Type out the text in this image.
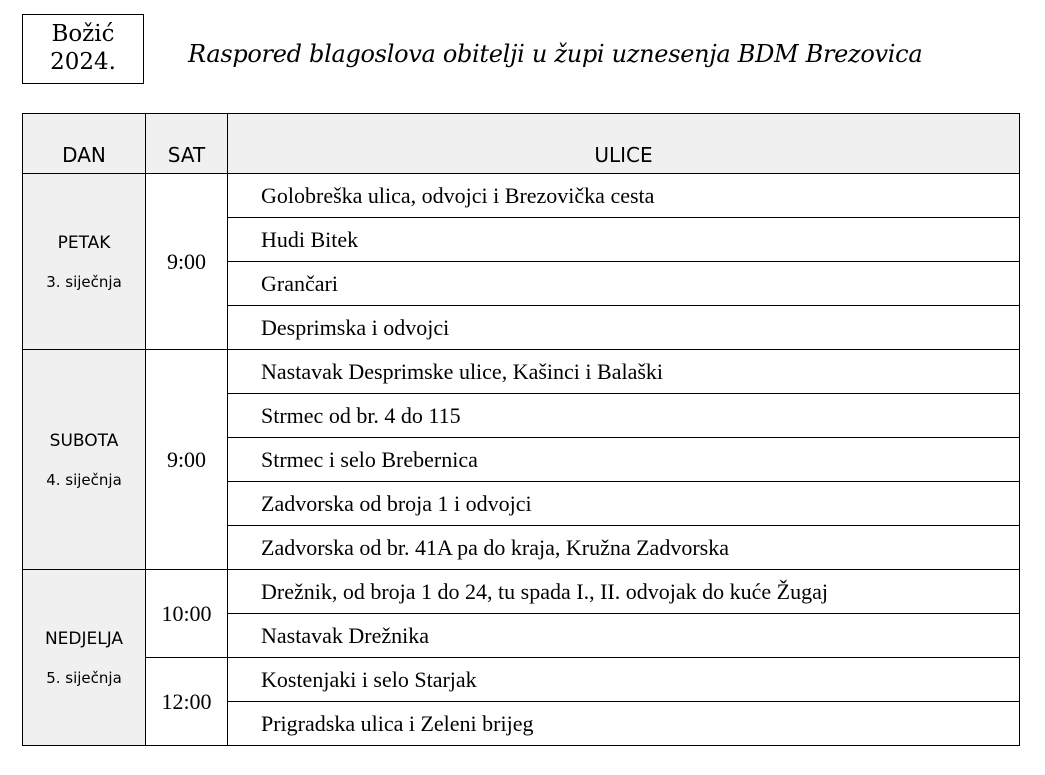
Božić
2024.	Raspored blagoslova obitelji u župi uznesenja BDM Brezovica
DAN	SAT	ULICE

PETAK
3. siječnja	9:00	Golobreška ulica, odvojci i Brezovička cesta
		Hudi Bitek
		Grančari
		Desprimska i odvojci

SUBOTA
4. siječnja	9:00	Nastavak Desprimske ulice, Kašinci i Balaški
		Strmec od br. 4 do 115
		Strmec i selo Brebernica
		Zadvorska od broja 1 i odvojci
		Zadvorska od br. 41A pa do kraja, Kružna Zadvorska

NEDJELJA
5. siječnja	10:00	Drežnik, od broja 1 do 24, tu spada I., II. odvojak do kuće Žugaj
		Nastavak Drežnika
	12:00	Kostenjaki i selo Starjak
		Prigradska ulica i Zeleni brijeg
